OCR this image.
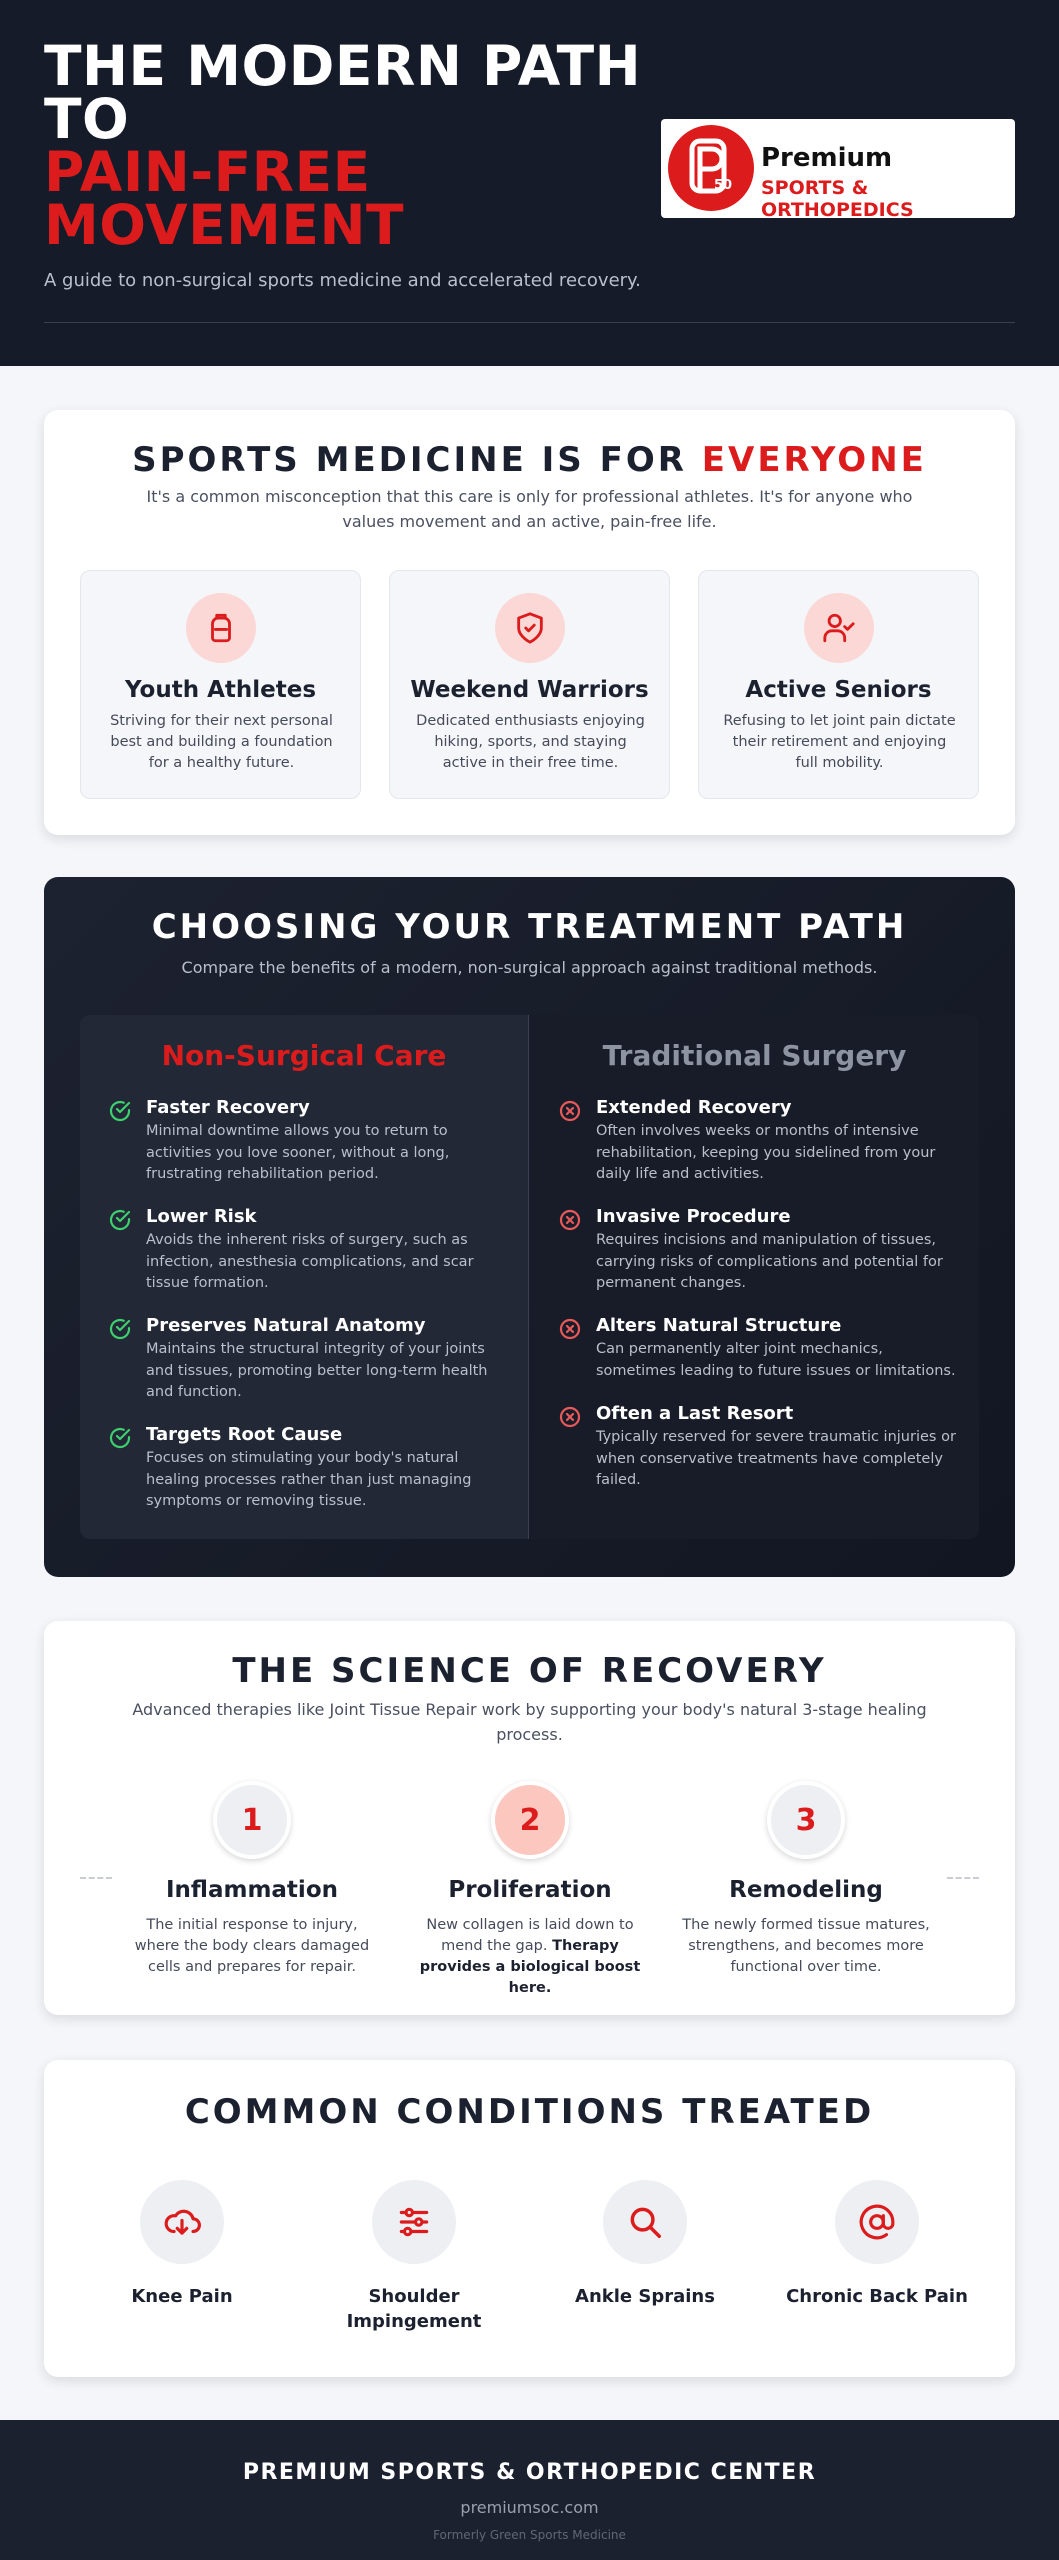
THE MODERN PATH
TO
PAIN-FREE
MOVEMENT

A guide to non-surgical sports medicine and accelerated recovery.

50
Premium
SPORTS & ORTHOPEDICS
SPORTS MEDICINE IS FOR EVERYONE

It's a common misconception that this care is only for professional athletes. It's for anyone who values movement and an active, pain-free life.

Youth Athletes
Striving for their next personal best and building a foundation for a healthy future.
Weekend Warriors
Dedicated enthusiasts enjoying hiking, sports, and staying active in their free time.
Active Seniors
Refusing to let joint pain dictate their retirement and enjoying full mobility.
CHOOSING YOUR TREATMENT PATH

Compare the benefits of a modern, non-surgical approach against traditional methods.

Non-Surgical Care
Faster Recovery
Minimal downtime allows you to return to activities you love sooner, without a long, frustrating rehabilitation period.
Lower Risk
Avoids the inherent risks of surgery, such as infection, anesthesia complications, and scar tissue formation.
Preserves Natural Anatomy
Maintains the structural integrity of your joints and tissues, promoting better long-term health and function.
Targets Root Cause
Focuses on stimulating your body's natural healing processes rather than just managing symptoms or removing tissue.
Traditional Surgery
Extended Recovery
Often involves weeks or months of intensive rehabilitation, keeping you sidelined from your daily life and activities.
Invasive Procedure
Requires incisions and manipulation of tissues, carrying risks of complications and potential for permanent changes.
Alters Natural Structure
Can permanently alter joint mechanics, sometimes leading to future issues or limitations.
Often a Last Resort
Typically reserved for severe traumatic injuries or when conservative treatments have completely failed.
THE SCIENCE OF RECOVERY

Advanced therapies like Joint Tissue Repair work by supporting your body's natural 3-stage healing process.

1
Inflammation
The initial response to injury, where the body clears damaged cells and prepares for repair.
2
Proliferation
New collagen is laid down to mend the gap. Therapy provides a biological boost here.
3
Remodeling
The newly formed tissue matures, strengthens, and becomes more functional over time.
COMMON CONDITIONS TREATED
Knee Pain	Shoulder Impingement
Ankle Sprains	Chronic Back Pain
PREMIUM SPORTS & ORTHOPEDIC CENTER
premiumsoc.com
Formerly Green Sports Medicine
